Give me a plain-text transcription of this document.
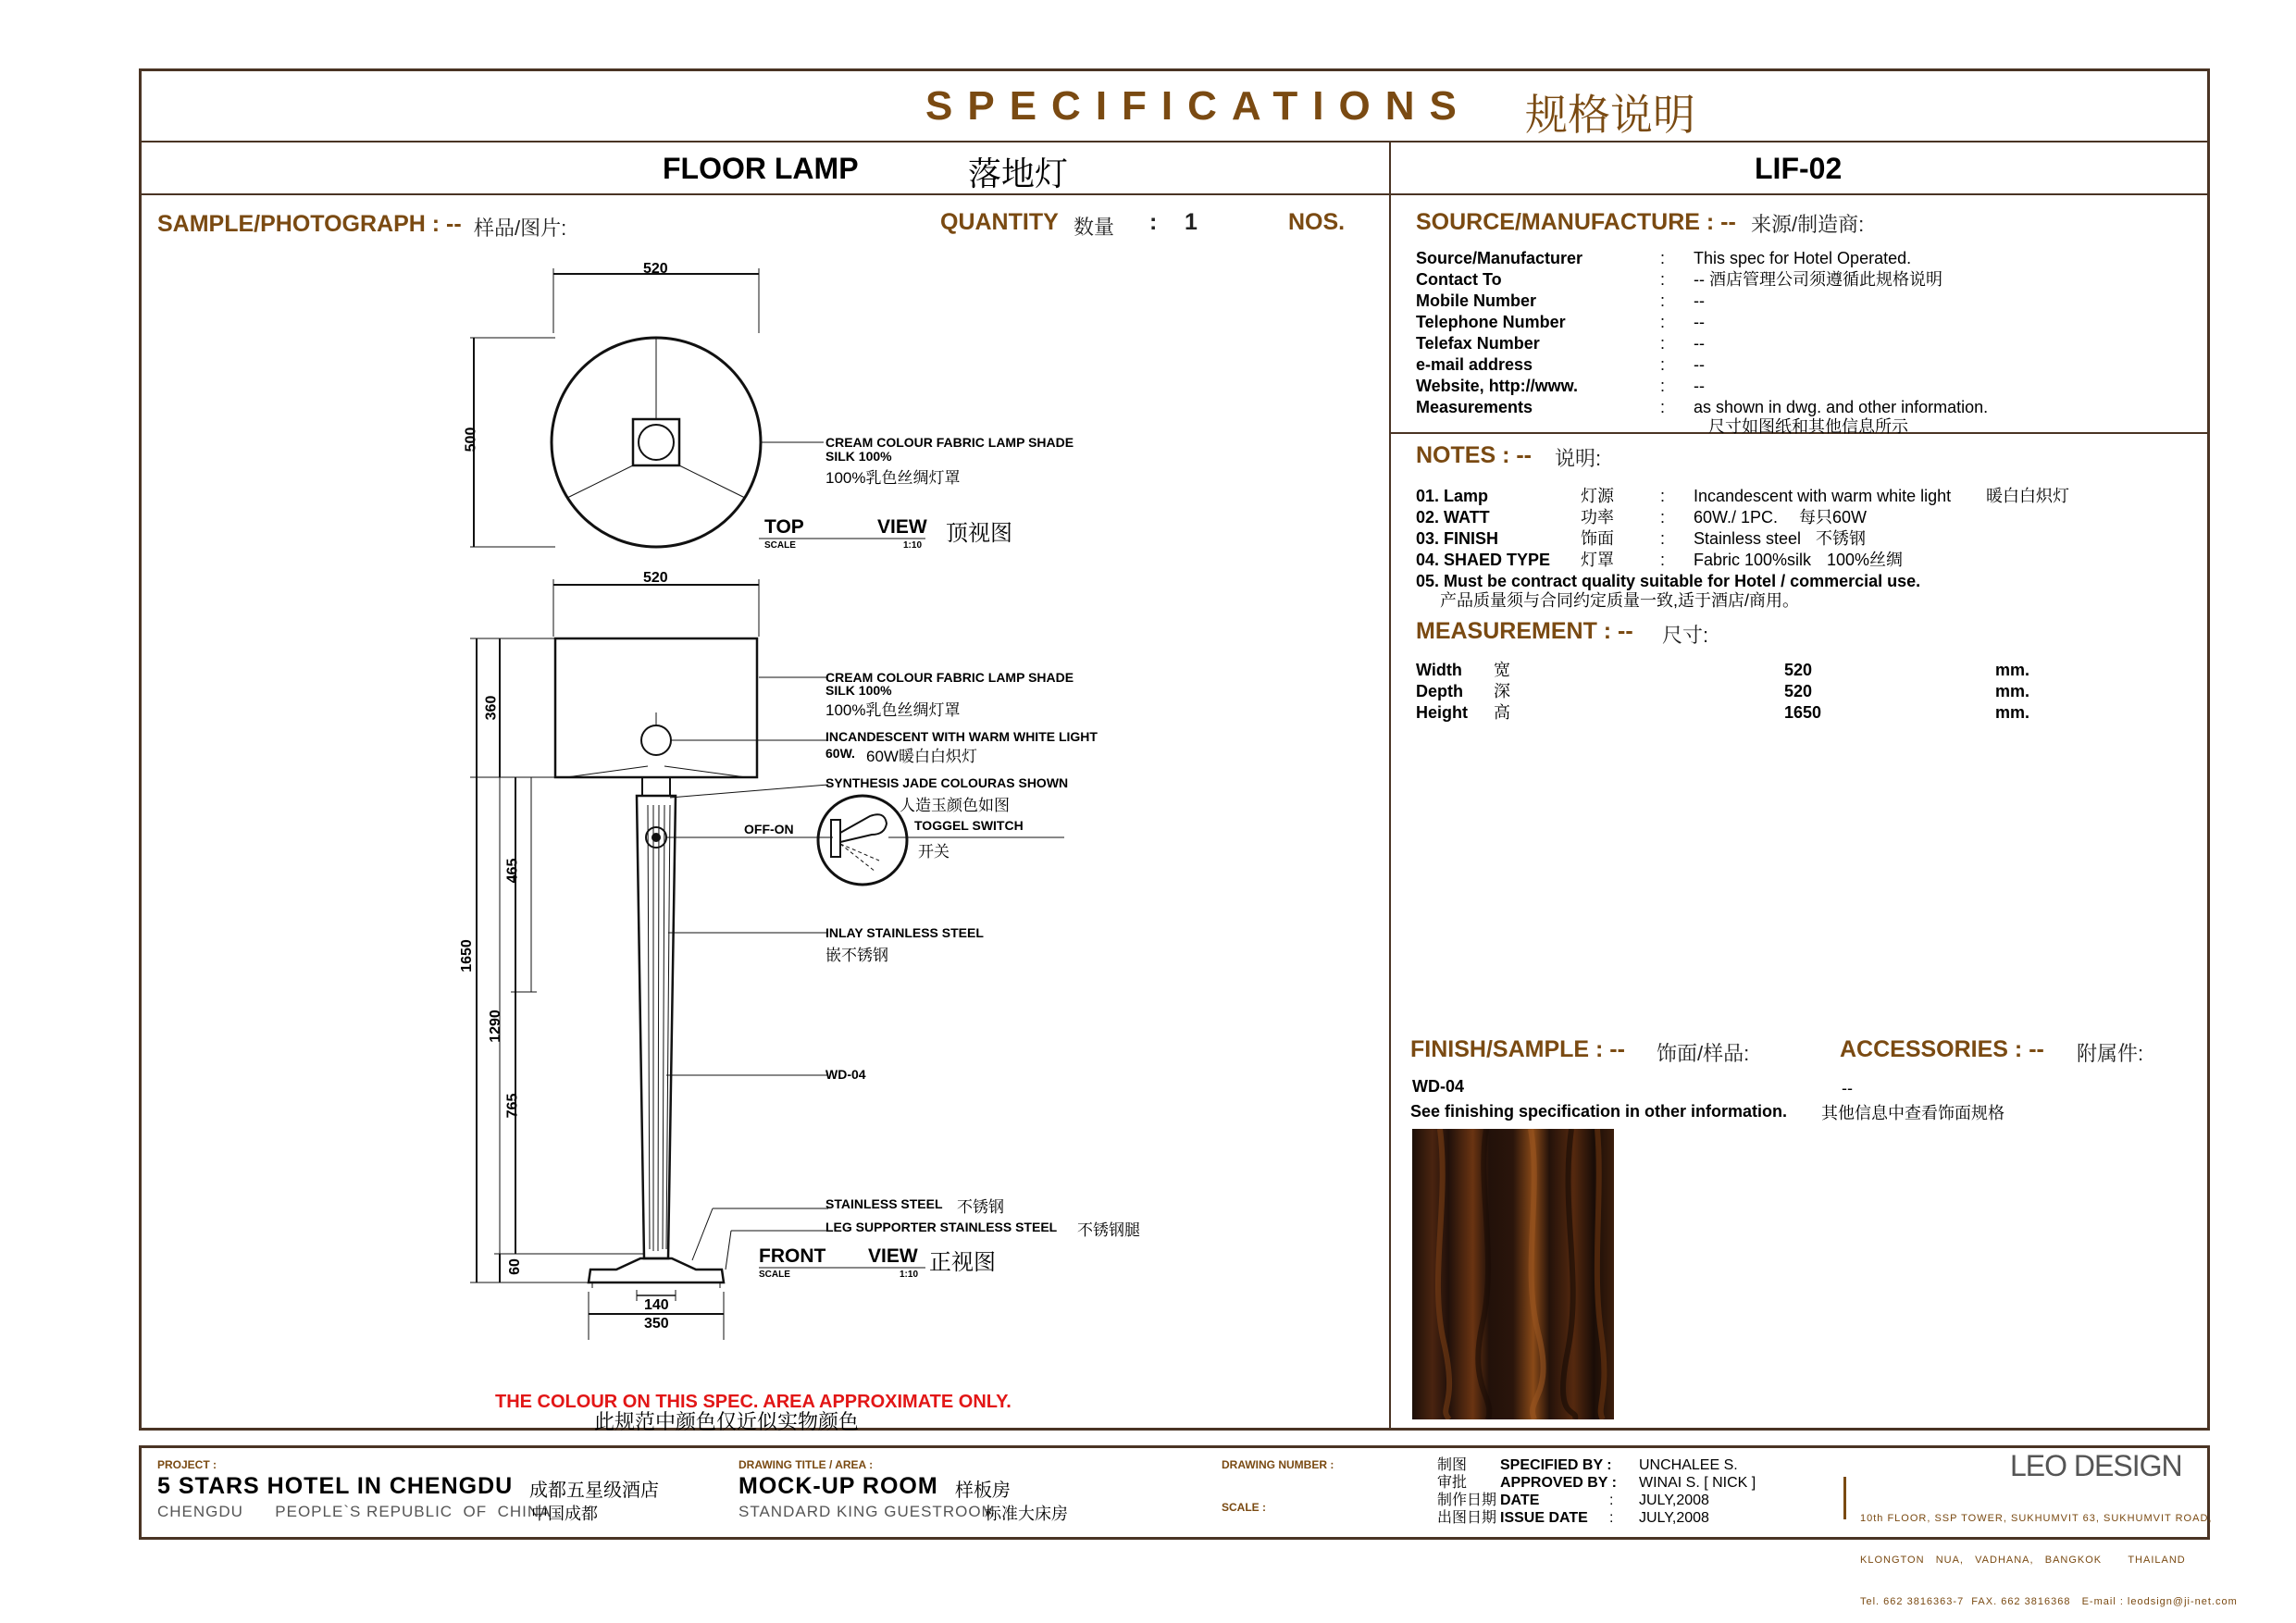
SPECIFICATIONS 规格说明
FLOOR LAMP	落地灯	LIF-02
SAMPLE/PHOTOGRAPH : -- 样品/图片:	QUANTITY 数量 : 1	NOS.
520
500	CREAM COLOUR FABRIC LAMP SHADE
SILK 100%
100%乳色丝绸灯罩
TOP	VIEW 顶视图
SCALE	1:10
520
CREAM COLOUR FABRIC LAMP SHADE
SILK 100%
100%乳色丝绸灯罩
INCANDESCENT WITH WARM WHITE LIGHT
60W. 60W暖白白炽灯
SYNTHESIS JADE COLOURAS SHOWN
人造玉颜色如图
OFF-ON	TOGGEL SWITCH
开关
INLAY STAINLESS STEEL
嵌不锈钢
WD-04
STAINLESS STEEL 不锈钢
LEG SUPPORTER STAINLESS STEEL 不锈钢腿
FRONT VIEW 正视图
SCALE	1:10
1650
360
465
1290
765
60
140
350
THE COLOUR ON THIS SPEC. AREA APPROXIMATE ONLY.
此规范中颜色仅近似实物颜色
SOURCE/MANUFACTURE : -- 来源/制造商:
Source/Manufacturer	:	This spec for Hotel Operated.
Contact To	:	-- 酒店管理公司须遵循此规格说明
Mobile Number	:	--
Telephone Number	:	--
Telefax Number	:	--
e-mail address	:	--
Website, http://www.	:	--
Measurements	:	as shown in dwg. and other information.
尺寸如图纸和其他信息所示
NOTES : -- 说明:
01. Lamp	灯源	:	Incandescent with warm white light	暖白白炽灯
02. WATT	功率	:	60W./ 1PC.	每只60W
03. FINISH	饰面	:	Stainless steel 不锈钢
04. SHAED TYPE	灯罩	:	Fabric 100%silk 100%丝绸
05. Must be contract quality suitable for Hotel / commercial use.
产品质量须与合同约定质量一致,适于酒店/商用。
MEASUREMENT : -- 尺寸:
Width	宽	520	mm.
Depth	深	520	mm.
Height	高	1650	mm.
FINISH/SAMPLE : -- 饰面/样品:	ACCESSORIES : -- 附属件:
WD-04	--
See finishing specification in other information. 其他信息中查看饰面规格
PROJECT :
5 STARS HOTEL IN CHENGDU 成都五星级酒店
CHENGDU      PEOPLE`S REPUBLIC  OF  CHINA
中国成都
DRAWING TITLE / AREA :
MOCK-UP ROOM 样板房
STANDARD KING GUESTROOM
标准大床房
DRAWING NUMBER :
SCALE :
制图	SPECIFIED BY :	UNCHALEE S.
审批	APPROVED BY :	WINAI S. [ NICK ]
制作日期 DATE	:	JULY,2008
出图日期 ISSUE DATE	:	JULY,2008
LEO DESIGN

10th FLOOR, SSP TOWER, SUKHUMVIT 63, SUKHUMVIT ROAD,

KLONGTON   NUA,   VADHANA,   BANGKOK       THAILAND

Tel. 662 3816363-7  FAX. 662 3816368   E-mail : leodsign@ji-net.com
